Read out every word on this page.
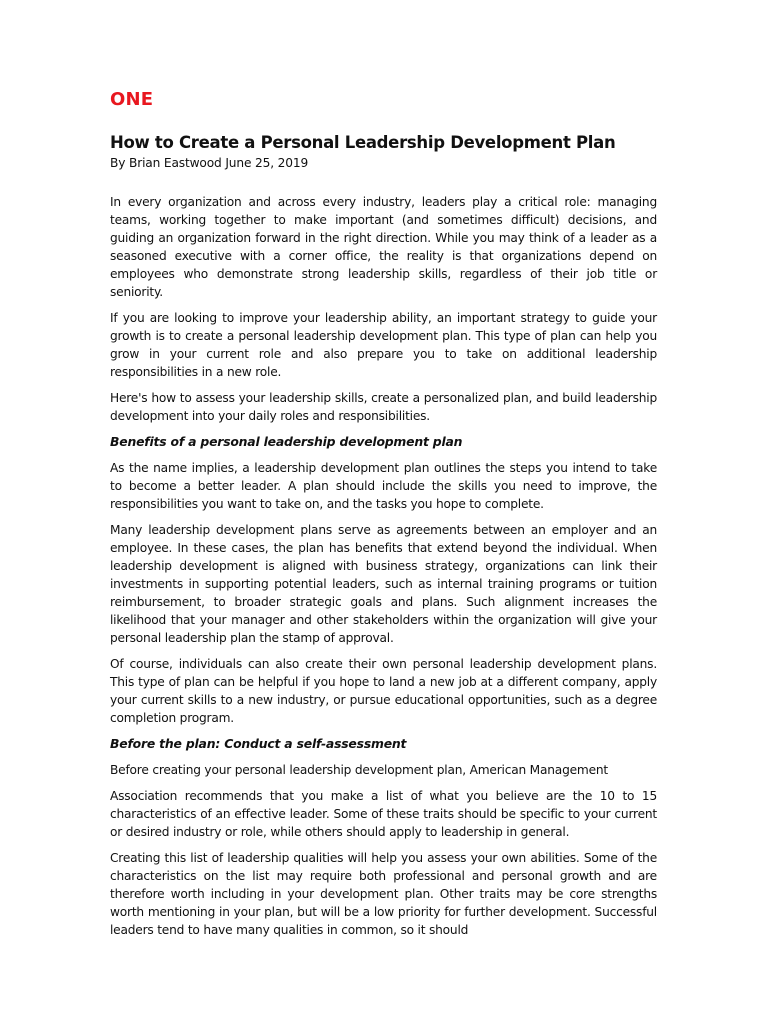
ONE
How to Create a Personal Leadership Development Plan
By Brian Eastwood June 25, 2019

In every organization and across every industry, leaders play a critical role: managing teams, working together to make important (and sometimes difficult) decisions, and guiding an organization forward in the right direction. While you may think of a leader as a seasoned executive with a corner office, the reality is that organizations depend on employees who demonstrate strong leadership skills, regardless of their job title or seniority.

If you are looking to improve your leadership ability, an important strategy to guide your growth is to create a personal leadership development plan. This type of plan can help you grow in your current role and also prepare you to take on additional leadership responsibilities in a new role.

Here's how to assess your leadership skills, create a personalized plan, and build leadership development into your daily roles and responsibilities.

Benefits of a personal leadership development plan

As the name implies, a leadership development plan outlines the steps you intend to take to become a better leader. A plan should include the skills you need to improve, the responsibilities you want to take on, and the tasks you hope to complete.

Many leadership development plans serve as agreements between an employer and an employee. In these cases, the plan has benefits that extend beyond the individual. When leadership development is aligned with business strategy, organizations can link their investments in supporting potential leaders, such as internal training programs or tuition reimbursement, to broader strategic goals and plans. Such alignment increases the likelihood that your manager and other stakeholders within the organization will give your personal leadership plan the stamp of approval.

Of course, individuals can also create their own personal leadership development plans. This type of plan can be helpful if you hope to land a new job at a different company, apply your current skills to a new industry, or pursue educational opportunities, such as a degree completion program.

Before the plan: Conduct a self-assessment

Before creating your personal leadership development plan, American Management

Association recommends that you make a list of what you believe are the 10 to 15 characteristics of an effective leader. Some of these traits should be specific to your current or desired industry or role, while others should apply to leadership in general.

Creating this list of leadership qualities will help you assess your own abilities. Some of the characteristics on the list may require both professional and personal growth and are therefore worth including in your development plan. Other traits may be core strengths worth mentioning in your plan, but will be a low priority for further development. Successful leaders tend to have many qualities in common, so it should
